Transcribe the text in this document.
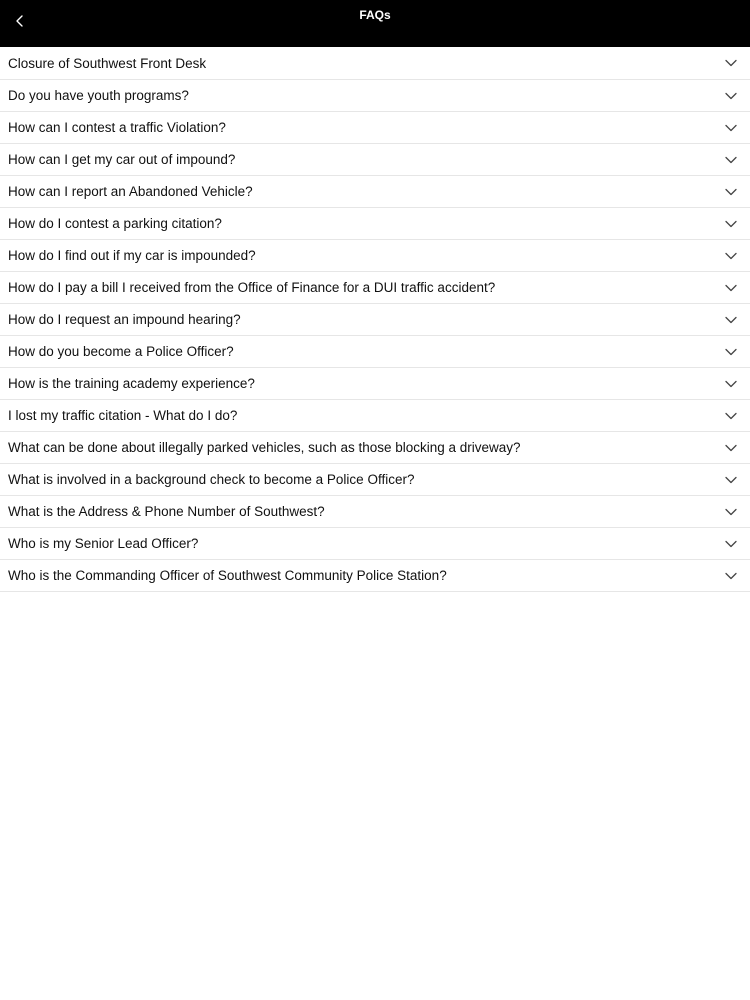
FAQs
Closure of Southwest Front Desk
Do you have youth programs?
How can I contest a traffic Violation?
How can I get my car out of impound?
How can I report an Abandoned Vehicle?
How do I contest a parking citation?
How do I find out if my car is impounded?
How do I pay a bill I received from the Office of Finance for a DUI traffic accident?
How do I request an impound hearing?
How do you become a Police Officer?
How is the training academy experience?
I lost my traffic citation - What do I do?
What can be done about illegally parked vehicles, such as those blocking a driveway?
What is involved in a background check to become a Police Officer?
What is the Address & Phone Number of Southwest?
Who is my Senior Lead Officer?
Who is the Commanding Officer of Southwest Community Police Station?
